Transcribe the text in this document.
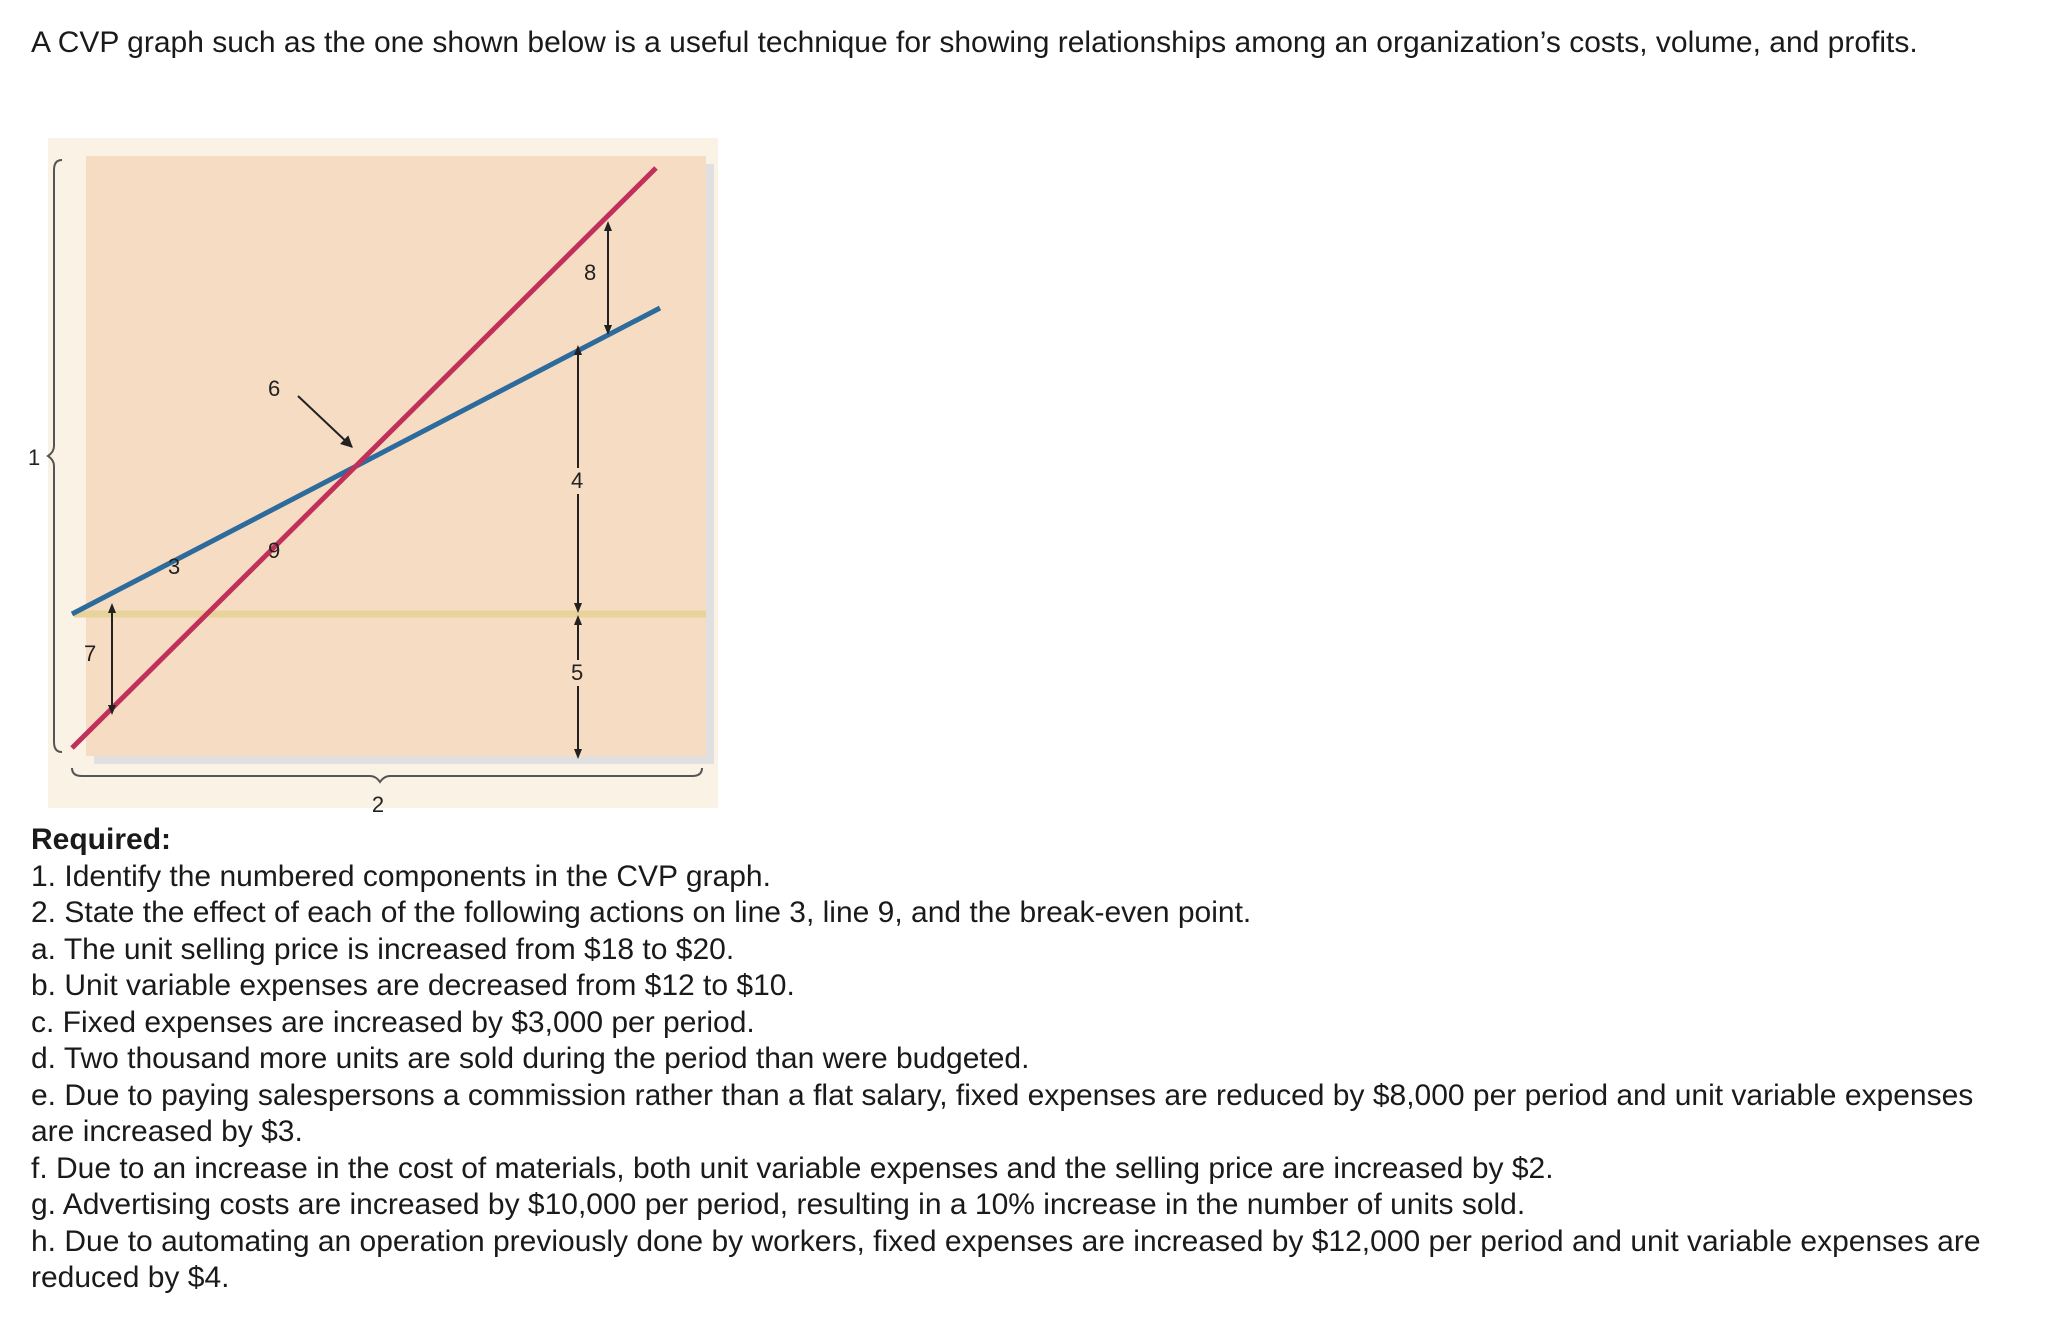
A CVP graph such as the one shown below is a useful technique for showing relationships among an organization’s costs, volume, and profits.

1
2
3
4
5
6
7
8
9
Required:
1. Identify the numbered components in the CVP graph.
2. State the effect of each of the following actions on line 3, line 9, and the break-even point.
a. The unit selling price is increased from $18 to $20.
b. Unit variable expenses are decreased from $12 to $10.
c. Fixed expenses are increased by $3,000 per period.
d. Two thousand more units are sold during the period than were budgeted.
e. Due to paying salespersons a commission rather than a flat salary, fixed expenses are reduced by $8,000 per period and unit variable expenses are increased by $3.
f. Due to an increase in the cost of materials, both unit variable expenses and the selling price are increased by $2.
g. Advertising costs are increased by $10,000 per period, resulting in a 10% increase in the number of units sold.
h. Due to automating an operation previously done by workers, fixed expenses are increased by $12,000 per period and unit variable expenses are reduced by $4.
